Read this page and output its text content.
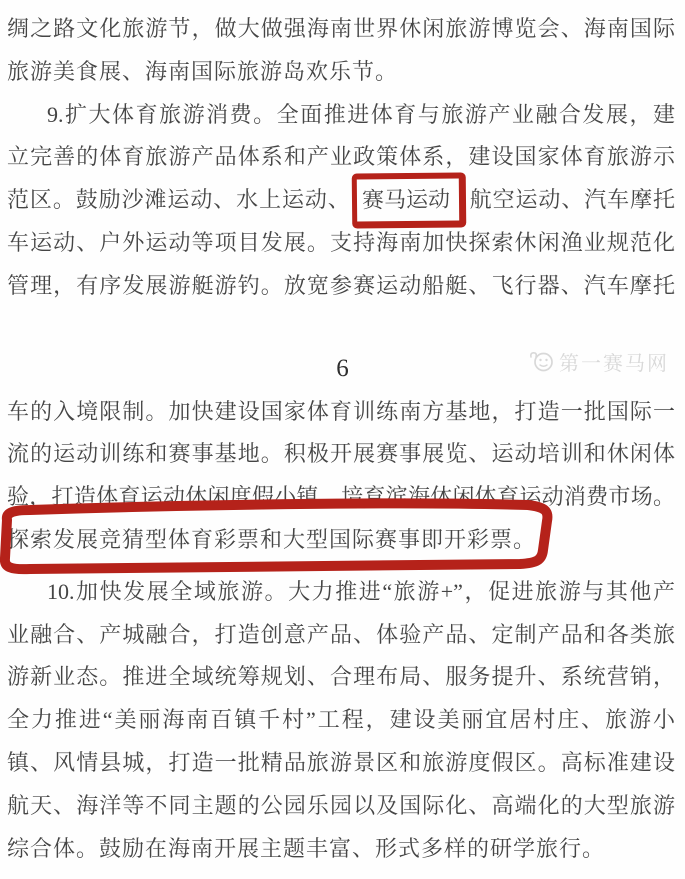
绸之路文化旅游节，做大做强海南世界休闲旅游博览会、海南国际
旅游美食展、海南国际旅游岛欢乐节。
9.扩大体育旅游消费。全面推进体育与旅游产业融合发展，建
立完善的体育旅游产品体系和产业政策体系，建设国家体育旅游示
范区。鼓励沙滩运动、水上运动、 赛马运动 航空运动、汽车摩托
车运动、户外运动等项目发展。支持海南加快探索休闲渔业规范化
管理，有序发展游艇游钓。放宽参赛运动船艇、飞行器、汽车摩托
车的入境限制。加快建设国家体育训练南方基地，打造一批国际一
流的运动训练和赛事基地。积极开展赛事展览、运动培训和休闲体
验，打造体育运动休闲度假小镇，培育滨海休闲体育运动消费市场。
探索发展竞猜型体育彩票和大型国际赛事即开彩票。
10.加快发展全域旅游。大力推进“旅游+”，促进旅游与其他产
业融合、产城融合，打造创意产品、体验产品、定制产品和各类旅
游新业态。推进全域统筹规划、合理布局、服务提升、系统营销，
全力推进“美丽海南百镇千村”工程，建设美丽宜居村庄、旅游小
镇、风情县城，打造一批精品旅游景区和旅游度假区。高标准建设
航天、海洋等不同主题的公园乐园以及国际化、高端化的大型旅游
综合体。鼓励在海南开展主题丰富、形式多样的研学旅行。
6	第一赛马网
